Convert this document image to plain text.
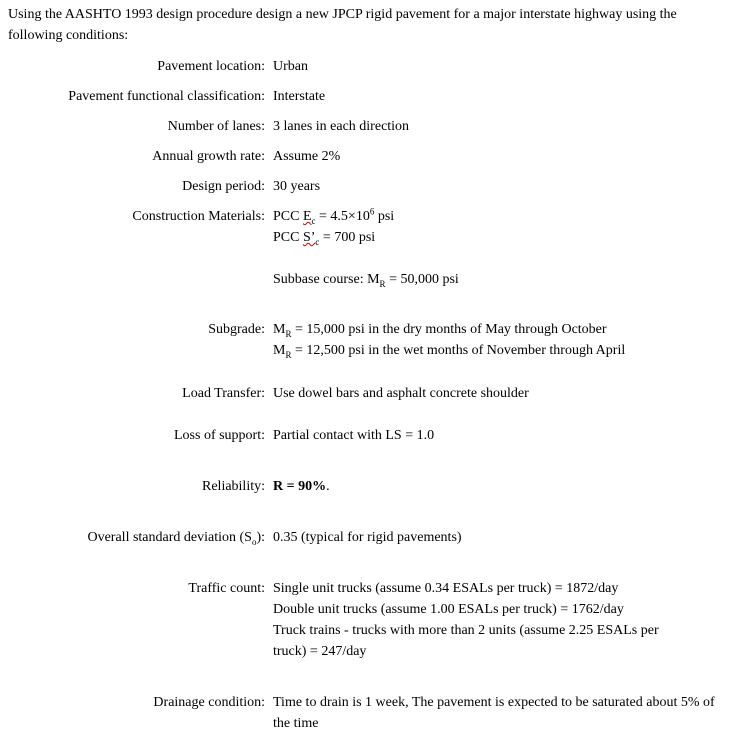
Using the AASHTO 1993 design procedure design a new JPCP rigid pavement for a major interstate highway using the following conditions:
Pavement location: Urban
Pavement functional classification: Interstate
Number of lanes: 3 lanes in each direction
Annual growth rate: Assume 2%
Design period: 30 years
Construction Materials: PCC $E_c = 4.5\times 10^6$ psi
PCC $S’_c = 700$ psi
Subbase course: $M_R = 50,000$ psi
Subgrade: $M_R = 15,000$ psi in the dry months of May through October
$M_R = 12,500$ psi in the wet months of November through April
Load Transfer: Use dowel bars and asphalt concrete shoulder
Loss of support: Partial contact with LS = 1.0
Reliability: R = 90%.
Overall standard deviation $(S_o)$: 0.35 (typical for rigid pavements)
Traffic count: Single unit trucks (assume 0.34 ESALs per truck) = 1872/day
Double unit trucks (assume 1.00 ESALs per truck) = 1762/day
Truck trains - trucks with more than 2 units (assume 2.25 ESALs per truck) = 247/day
Drainage condition: Time to drain is 1 week, The pavement is expected to be saturated about 5% of the time
